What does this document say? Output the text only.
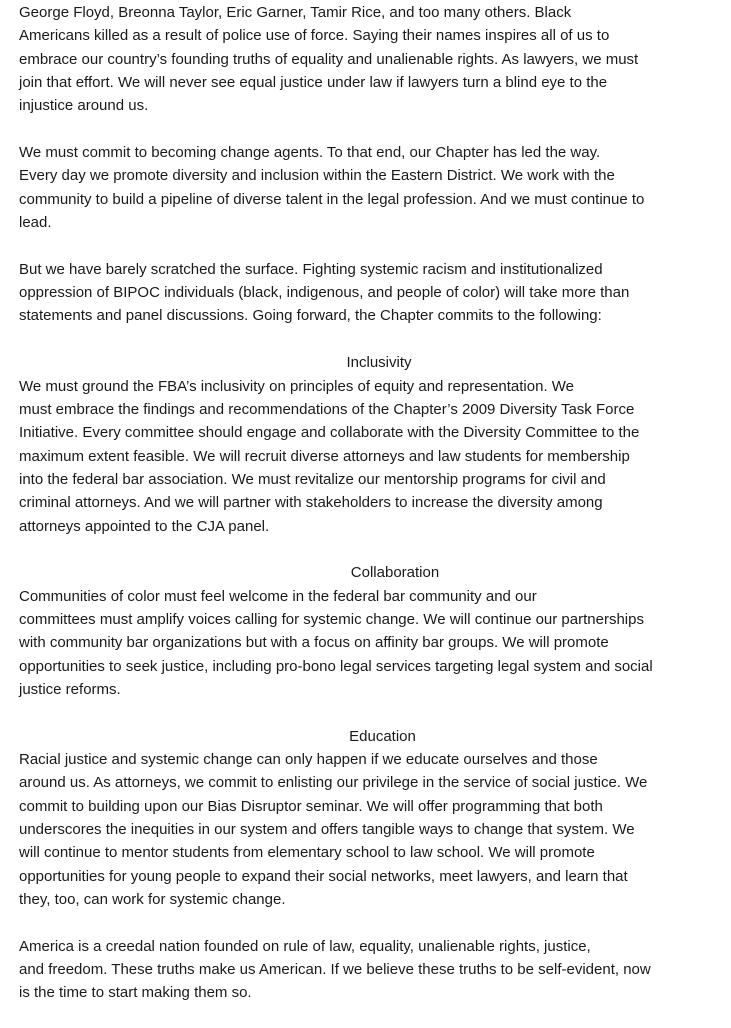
George Floyd, Breonna Taylor, Eric Garner, Tamir Rice, and too many others. Black
Americans killed as a result of police use of force. Saying their names inspires all of us to
embrace our country’s founding truths of equality and unalienable rights. As lawyers, we must
join that effort. We will never see equal justice under law if lawyers turn a blind eye to the
injustice around us.
We must commit to becoming change agents. To that end, our Chapter has led the way.
Every day we promote diversity and inclusion within the Eastern District. We work with the
community to build a pipeline of diverse talent in the legal profession. And we must continue to
lead.
But we have barely scratched the surface. Fighting systemic racism and institutionalized
oppression of BIPOC individuals (black, indigenous, and people of color) will take more than
statements and panel discussions. Going forward, the Chapter commits to the following:
Inclusivity
We must ground the FBA’s inclusivity on principles of equity and representation. We
must embrace the findings and recommendations of the Chapter’s 2009 Diversity Task Force
Initiative. Every committee should engage and collaborate with the Diversity Committee to the
maximum extent feasible. We will recruit diverse attorneys and law students for membership
into the federal bar association. We must revitalize our mentorship programs for civil and
criminal attorneys. And we will partner with stakeholders to increase the diversity among
attorneys appointed to the CJA panel.
Collaboration
Communities of color must feel welcome in the federal bar community and our
committees must amplify voices calling for systemic change. We will continue our partnerships
with community bar organizations but with a focus on affinity bar groups. We will promote
opportunities to seek justice, including pro-bono legal services targeting legal system and social
justice reforms.
Education
Racial justice and systemic change can only happen if we educate ourselves and those
around us. As attorneys, we commit to enlisting our privilege in the service of social justice. We
commit to building upon our Bias Disruptor seminar. We will offer programming that both
underscores the inequities in our system and offers tangible ways to change that system. We
will continue to mentor students from elementary school to law school. We will promote
opportunities for young people to expand their social networks, meet lawyers, and learn that
they, too, can work for systemic change.
America is a creedal nation founded on rule of law, equality, unalienable rights, justice,
and freedom. These truths make us American. If we believe these truths to be self-evident, now
is the time to start making them so.
